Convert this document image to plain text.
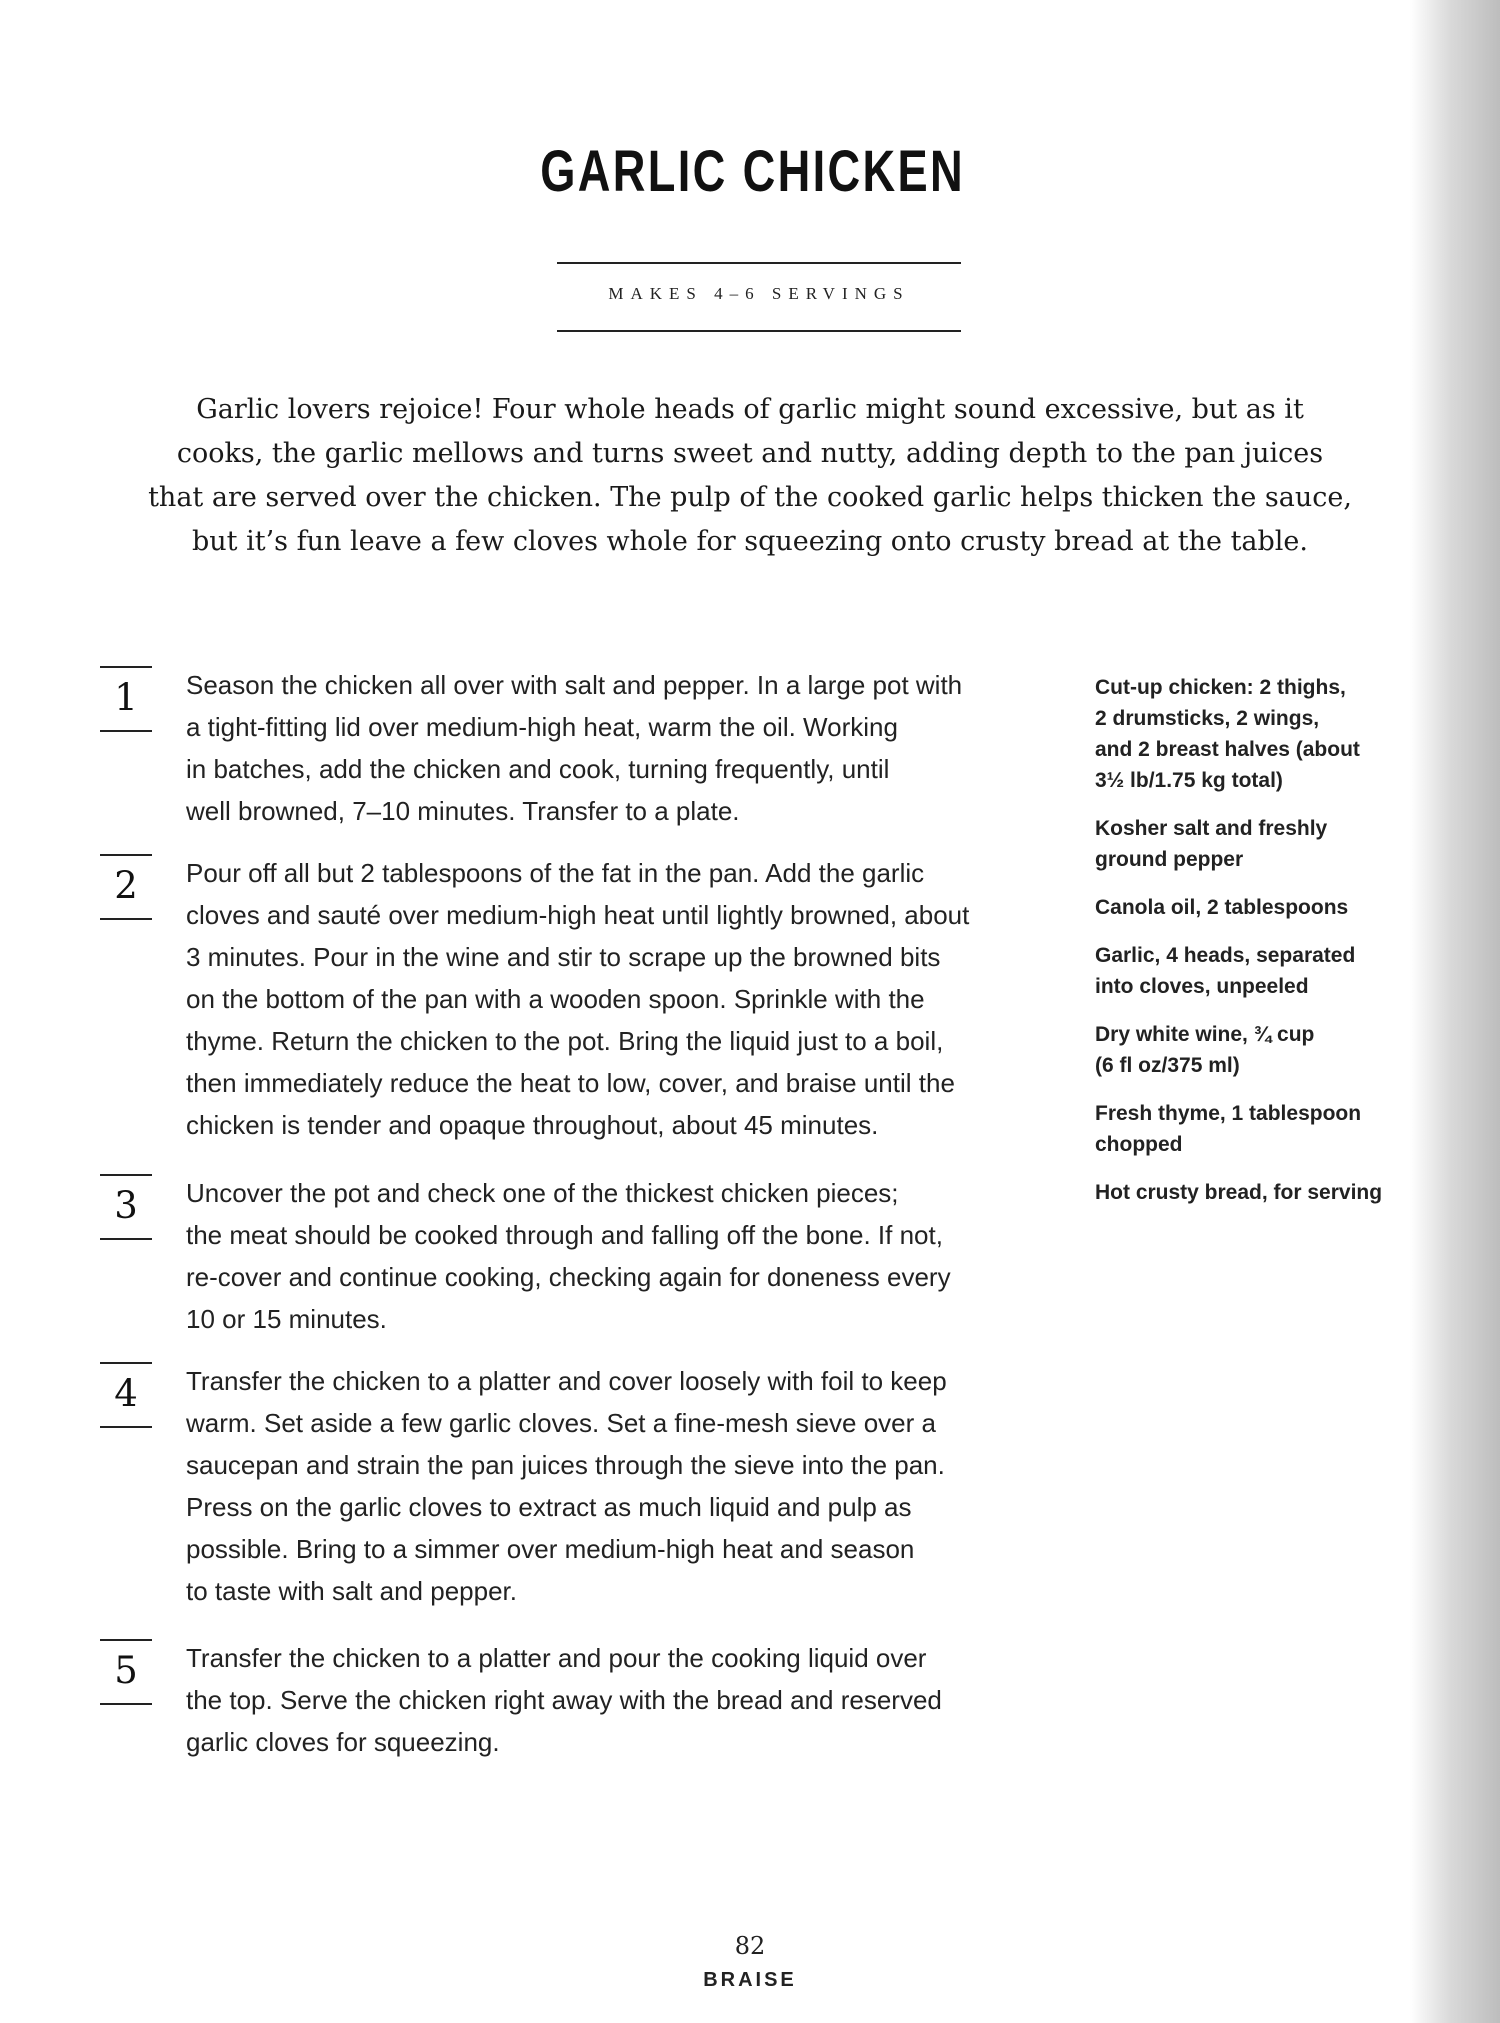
GARLIC CHICKEN
MAKES 4–6 SERVINGS

Garlic lovers rejoice! Four whole heads of garlic might sound excessive, but as it

cooks, the garlic mellows and turns sweet and nutty, adding depth to the pan juices

that are served over the chicken. The pulp of the cooked garlic helps thicken the sauce,

but it’s fun leave a few cloves whole for squeezing onto crusty bread at the table.

1	Season the chicken all over with salt and pepper. In a large pot with

a tight-fitting lid over medium-high heat, warm the oil. Working

in batches, add the chicken and cook, turning frequently, until

well browned, 7–10 minutes. Transfer to a plate.

2	Pour off all but 2 tablespoons of the fat in the pan. Add the garlic

cloves and sauté over medium-high heat until lightly browned, about

3 minutes. Pour in the wine and stir to scrape up the browned bits

on the bottom of the pan with a wooden spoon. Sprinkle with the

thyme. Return the chicken to the pot. Bring the liquid just to a boil,

then immediately reduce the heat to low, cover, and braise until the

chicken is tender and opaque throughout, about 45 minutes.

3	Uncover the pot and check one of the thickest chicken pieces;

the meat should be cooked through and falling off the bone. If not,

re-cover and continue cooking, checking again for doneness every

10 or 15 minutes.

4	Transfer the chicken to a platter and cover loosely with foil to keep

warm. Set aside a few garlic cloves. Set a fine-mesh sieve over a

saucepan and strain the pan juices through the sieve into the pan.

Press on the garlic cloves to extract as much liquid and pulp as

possible. Bring to a simmer over medium-high heat and season

to taste with salt and pepper.

5	Transfer the chicken to a platter and pour the cooking liquid over

the top. Serve the chicken right away with the bread and reserved

garlic cloves for squeezing.

Cut-up chicken: 2 thighs,

2 drumsticks, 2 wings,

and 2 breast halves (about

3½ lb/1.75 kg total)

Kosher salt and freshly

ground pepper

Canola oil, 2 tablespoons

Garlic, 4 heads, separated

into cloves, unpeeled

Dry white wine, ¾ cup

(6 fl oz/375 ml)

Fresh thyme, 1 tablespoon

chopped

Hot crusty bread, for serving

82
BRAISE
